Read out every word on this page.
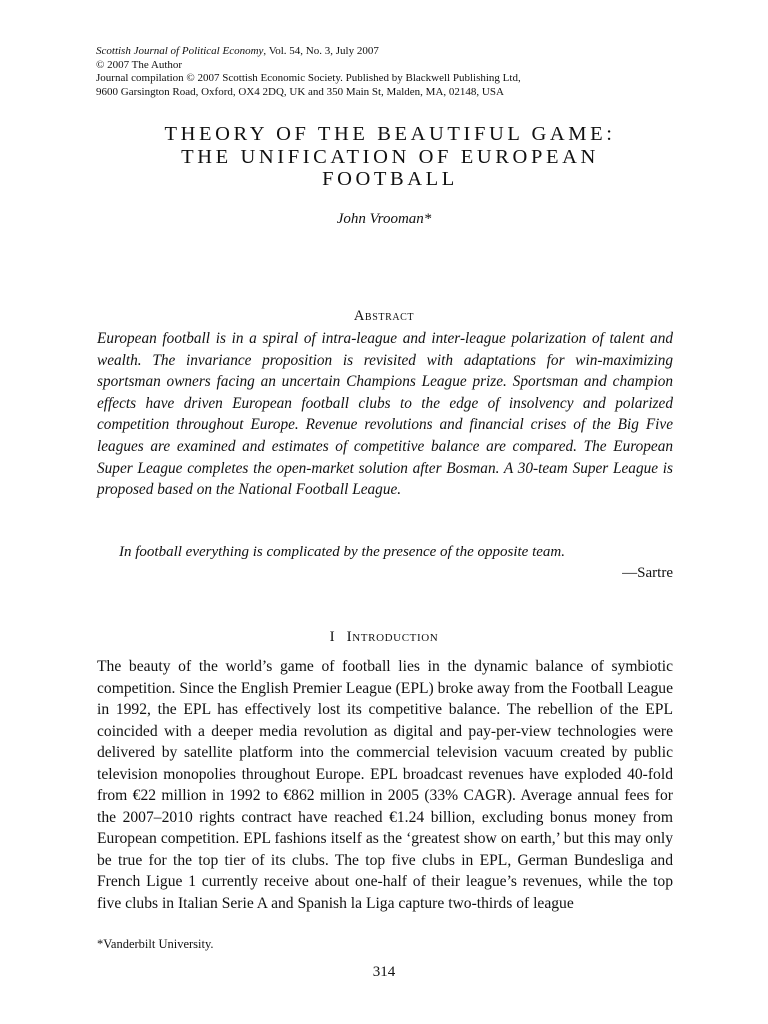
Scottish Journal of Political Economy, Vol. 54, No. 3, July 2007
© 2007 The Author
Journal compilation © 2007 Scottish Economic Society. Published by Blackwell Publishing Ltd,
9600 Garsington Road, Oxford, OX4 2DQ, UK and 350 Main St, Malden, MA, 02148, USA
THEORY OF THE BEAUTIFUL GAME:
THE UNIFICATION OF EUROPEAN
FOOTBALL
John Vrooman*
Abstract

European football is in a spiral of intra-league and inter-league polarization of talent and wealth. The invariance proposition is revisited with adaptations for win-maximizing sportsman owners facing an uncertain Champions League prize. Sportsman and champion effects have driven European football clubs to the edge of insolvency and polarized competition throughout Europe. Revenue revolutions and financial crises of the Big Five leagues are examined and estimates of competitive balance are compared. The European Super League completes the open-market solution after Bosman. A 30-team Super League is proposed based on the National Football League.

In football everything is complicated by the presence of the opposite team.
—Sartre
I Introduction

The beauty of the world’s game of football lies in the dynamic balance of symbiotic competition. Since the English Premier League (EPL) broke away from the Football League in 1992, the EPL has effectively lost its competitive balance. The rebellion of the EPL coincided with a deeper media revolution as digital and pay-per-view technologies were delivered by satellite platform into the commercial television vacuum created by public television monopolies throughout Europe. EPL broadcast revenues have exploded 40-fold from €22 million in 1992 to €862 million in 2005 (33% CAGR). Average annual fees for the 2007–2010 rights contract have reached €1.24 billion, excluding bonus money from European competition. EPL fashions itself as the ‘greatest show on earth,’ but this may only be true for the top tier of its clubs. The top five clubs in EPL, German Bundesliga and French Ligue 1 currently receive about one-half of their league’s revenues, while the top five clubs in Italian Serie A and Spanish la Liga capture two-thirds of league

*Vanderbilt University.
314
